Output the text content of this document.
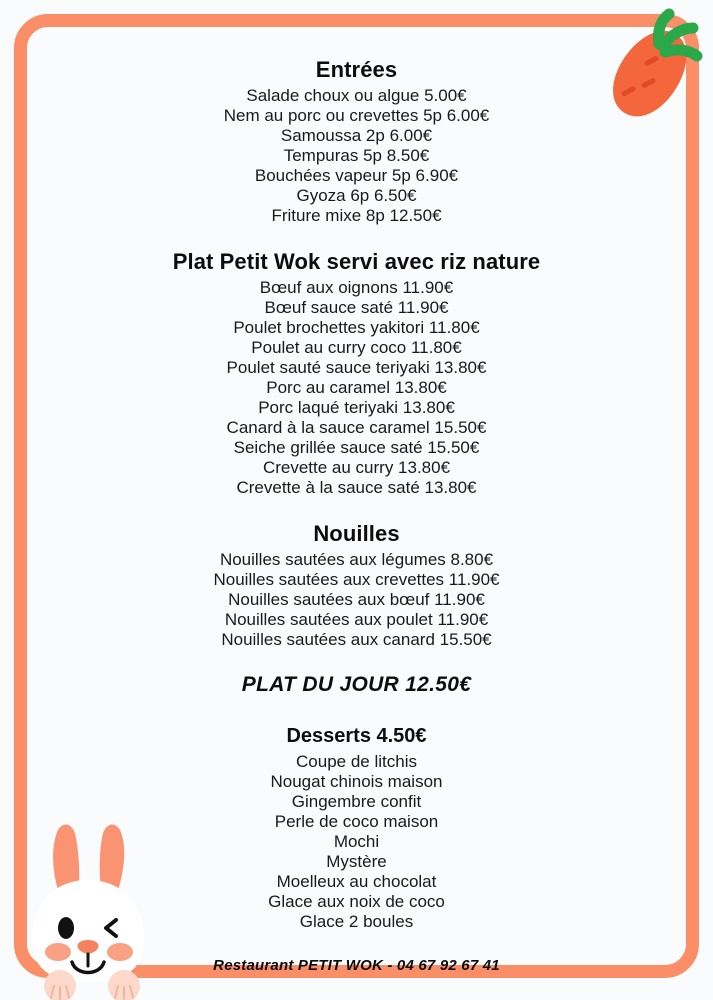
Entrées
Salade choux ou algue 5.00€
Nem au porc ou crevettes 5p 6.00€
Samoussa 2p 6.00€
Tempuras 5p 8.50€
Bouchées vapeur 5p 6.90€
Gyoza 6p 6.50€
Friture mixe 8p 12.50€
Plat Petit Wok servi avec riz nature
Bœuf aux oignons 11.90€
Bœuf sauce saté 11.90€
Poulet brochettes yakitori 11.80€
Poulet au curry coco 11.80€
Poulet sauté sauce teriyaki 13.80€
Porc au caramel 13.80€
Porc laqué teriyaki 13.80€
Canard à la sauce caramel 15.50€
Seiche grillée sauce saté 15.50€
Crevette au curry 13.80€
Crevette à la sauce saté 13.80€
Nouilles
Nouilles sautées aux légumes 8.80€
Nouilles sautées aux crevettes 11.90€
Nouilles sautées aux bœuf 11.90€
Nouilles sautées aux poulet 11.90€
Nouilles sautées aux canard 15.50€
PLAT DU JOUR 12.50€
Desserts 4.50€
Coupe de litchis
Nougat chinois maison
Gingembre confit
Perle de coco maison
Mochi
Mystère
Moelleux au chocolat
Glace aux noix de coco
Glace 2 boules
Restaurant PETIT WOK - 04 67 92 67 41
